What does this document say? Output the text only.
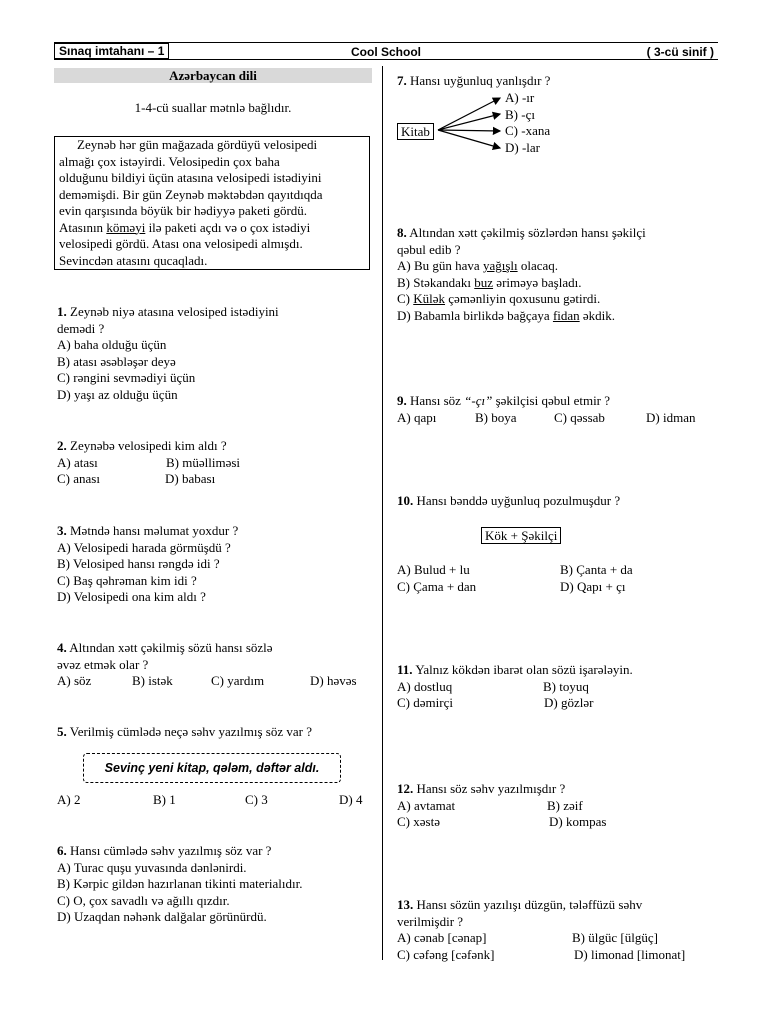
Sınaq imtahanı – 1	Cool School	( 3-cü sinif )
Azərbaycan dili
1-4-cü suallar mətnlə bağlıdır.

Zeynəb hər gün mağazada gördüyü velosipedi

almağı çox istəyirdi. Velosipedin çox baha
olduğunu bildiyi üçün atasına velosipedi istədiyini
deməmişdi. Bir gün Zeynəb məktəbdən qayıtdıqda
evin qarşısında böyük bir hədiyyə paketi gördü.
Atasının köməyi ilə paketi açdı və o çox istədiyi
velosipedi gördü. Atası ona velosipedi almışdı.
Sevincdən atasını qucaqladı.
1. Zeynəb niyə atasına velosiped istədiyini
demədi ?
A) baha olduğu üçün
B) atası əsəbləşər deyə
C) rəngini sevmədiyi üçün
D) yaşı az olduğu üçün
2. Zeynəbə velosipedi kim aldı ?
A) atası	B) müəlliməsi
C) anası	D) babası
3. Mətndə hansı məlumat yoxdur ?
A) Velosipedi harada görmüşdü ?
B) Velosiped hansı rəngdə idi ?
C) Baş qəhrəman kim idi ?
D) Velosipedi ona kim aldı ?
4. Altından xətt çəkilmiş sözü hansı sözlə
əvəz etmək olar ?
A) söz	B) istək	C) yardım	D) həvəs
5. Verilmiş cümlədə neçə səhv yazılmış söz var ?
Sevinç yeni kitap, qələm, dəftər aldı.
A) 2	B) 1	C) 3	D) 4
6. Hansı cümlədə səhv yazılmış söz var ?
A) Turac quşu yuvasında dənlənirdi.
B) Kərpic gildən hazırlanan tikinti materialıdır.
C) O, çox savadlı və ağıllı qızdır.
D) Uzaqdan nəhənk dalğalar görünürdü.
7. Hansı uyğunluq yanlışdır ?
Kitab
A) -ır
B) -çı
C) -xana
D) -lar
8. Altından xətt çəkilmiş sözlərdən hansı şəkilçi
qəbul edib ?
A) Bu gün hava yağışlı olacaq.
B) Stəkandakı buz əriməyə başladı.
C) Külək çəmənliyin qoxusunu gətirdi.
D) Babamla birlikdə bağçaya fidan əkdik.
9. Hansı söz “-çı” şəkilçisi qəbul etmir ?
A) qapı	B) boya	C) qəssab	D) idman
10. Hansı bənddə uyğunluq pozulmuşdur ?
Kök + Şəkilçi
A) Bulud + lu	B) Çanta + da
C) Çama + dan	D) Qapı + çı
11. Yalnız kökdən ibarət olan sözü işarələyin.
A) dostluq	B) toyuq
C) dəmirçi	D) gözlər
12. Hansı söz səhv yazılmışdır ?
A) avtamat	B) zəif
C) xəstə	D) kompas
13. Hansı sözün yazılışı düzgün, tələffüzü səhv
verilmişdir ?
A) cənab [cənap]	B) ülgüc [ülgüç]
C) cəfəng [cəfənk]	D) limonad [limonat]
